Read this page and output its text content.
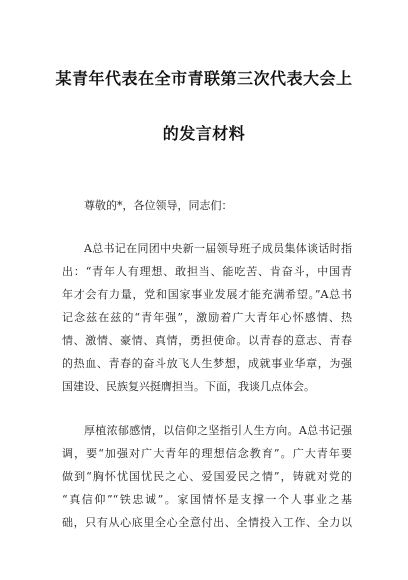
某青年代表在全市青联第三次代表大会上
的发言材料
尊敬的*，各位领导，同志们：
A总书记在同团中央新一届领导班子成员集体谈话时指
出：“青年人有理想、敢担当、能吃苦、肯奋斗，中国青
年才会有力量，党和国家事业发展才能充满希望。”A总书
记念兹在兹的“青年强”，激励着广大青年心怀感情、热
情、激情、豪情、真情，勇担使命。以青春的意志、青春
的热血、青春的奋斗放飞人生梦想，成就事业华章，为强
国建设、民族复兴挺膺担当。下面，我谈几点体会。
厚植浓郁感情，以信仰之坚指引人生方向。A总书记强
调，要“加强对广大青年的理想信念教育”。广大青年要
做到“胸怀忧国忧民之心、爱国爱民之情”，铸就对党的
“真信仰”“铁忠诚”。家国情怀是支撑一个人事业之基
础，只有从心底里全心全意付出、全情投入工作、全力以
